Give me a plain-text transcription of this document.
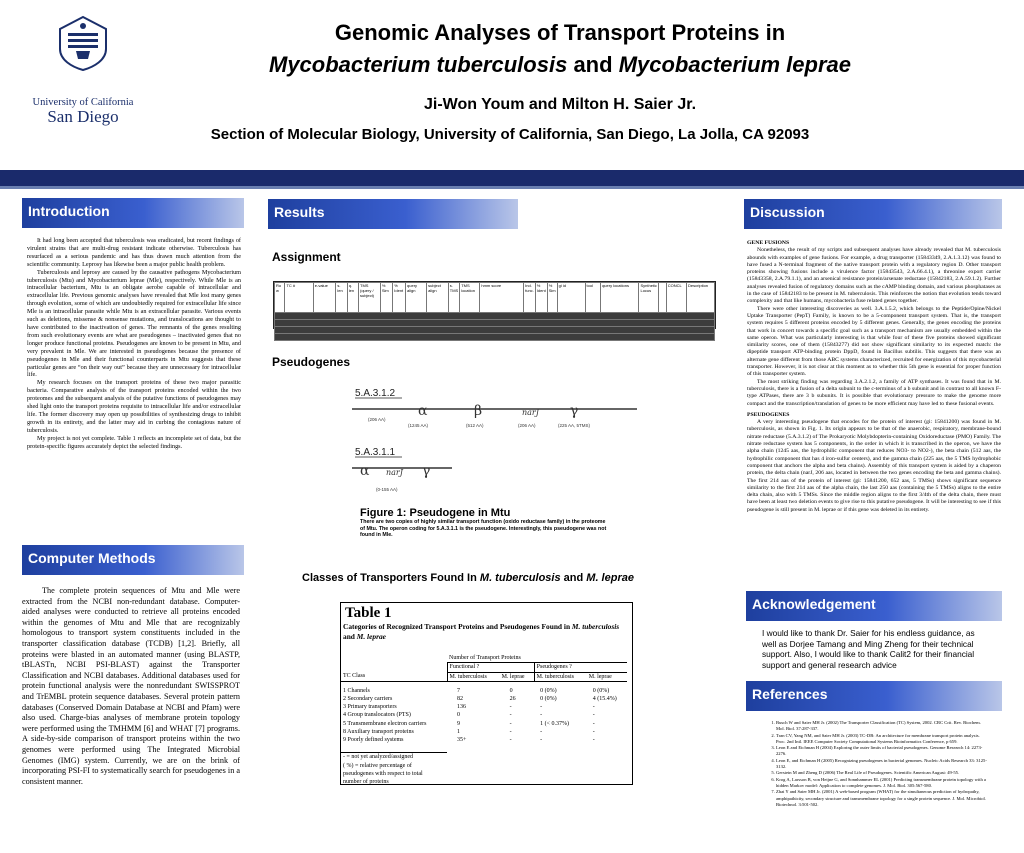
University of California
San Diego
Genomic Analyses of Transport Proteins in
Mycobacterium tuberculosis and Mycobacterium leprae
Ji-Won Youm and Milton H. Saier Jr.
Section of Molecular Biology, University of California, San Diego, La Jolla, CA 92093
Introduction

It had long been accepted that tuberculosis was eradicated, but recent findings of virulent strains that are multi-drug resistant indicate otherwise. Tuberculosis has resurfaced as a serious pandemic and has thus drawn much attention from the scientific community. Leprosy has likewise been a major public health problem.

Tuberculosis and leprosy are caused by the causative pathogens Mycobacterium tuberculosis (Mtu) and Mycobacterium leprae (Mle), respectively. While Mle is an intracellular bacterium, Mtu is an obligate aerobe capable of intracellular and extracellular life. Previous genomic analyses have revealed that Mle lost many genes through evolution, some of which are undoubtedly required for extracellular life since Mle is an intracellular parasite while Mtu is an extracellular parasite. Various events such as deletions, missense & nonsense mutations, and translocations are thought to have contributed to the inactivation of genes. The remnants of the genes resulting from such evolutionary events are what are pseudogenes – inactivated genes that no longer produce functional proteins. Pseudogenes are known to be present in Mtu, and very prevalent in Mle. We are interested in pseudogenes because the presence of pseudogenes in Mle and their functional counterparts in Mtu suggests that these particular genes are “on their way out” because they are unnecessary for intracellular life.

My research focuses on the transport proteins of these two major parasitic bacteria. Comparative analysis of the transport proteins encoded within the two proteomes and the subsequent analysis of the putative functions of pseudogenes may shed light onto the transport proteins requisite to intracellular life and/or extracellular life. The former discovery may open up possibilities of synthesizing drugs to inhibit growth in its entirety, and the latter may aid in curbing the contagious nature of tuberculosis.

My project is not yet complete. Table 1 reflects an incomplete set of data, but the protein-specific figures accurately depict the selected findings.

Computer Methods

The complete protein sequences of Mtu and Mle were extracted from the NCBI non-redundant database. Computer-aided analyses were conducted to retrieve all proteins encoded within the genomes of Mtu and Mle that are recognizably homologous to transport system constituents included in the transporter classification database (TCDB) [1,2]. Briefly, all proteins were blasted in an automated manner (using BLASTP, tBLASTn, NCBI PSI-BLAST) against the Transporter Classification and NCBI databases. Additional databases used for protein functional analysis were the nonredundant SWISSPROT and TrEMBL protein sequence databases. Several protein pattern databases (Conserved Domain Database at NCBI and Pfam) were also used. Charge-bias analyses of membrane protein topology were performed using the TMHMM [6] and WHAT [7] programs. A side-by-side comparison of transport proteins within the two genomes were performed using The Integrated Microbial Genomes (IMG) system. Currently, we are on the brink of incorporating PSI-FI to systematically search for pseudogenes in a consistent manner.

Results
Assignment
Ro w	TC #	e-value	s. len	q. len	TMS (query / subject)	% Sim	% Ident	query align	subject align	s. TMS	TMS location	hmm score	Ind. func.	% Ident	% Sim	gi id	tool	query locations	Synthetic Locus		CONCL	Description

Pseudogenes
5.A.3.1.2
(206 AA)
α
(1245 AA)
β
(512 AA)
narJ
(206 AA)
γ
(225 AA, 5TMS)
5.A.3.1.1
α narJ γ
(0-155 AA)
Figure 1: Pseudogene in Mtu
There are two copies of highly similar transport function (oxido reductase family) in the proteome of Mtu. The operon coding for 5.A.3.1.1 is the pseudogene. Interestingly, this pseudogene was not found in Mle.
Classes of Transporters Found In M. tuberculosis and M. leprae
Table 1
Categories of Recognized Transport Proteins and Pseudogenes Found in M. tuberculosis and M. leprae
	Number of Transport Proteins			
	Functional ?		Pseudogenes ?	
TC Class	M. tuberculosis	M. leprae	M. tuberculosis	M. leprae

1 Channels	7	0	0 (0%)	0 (0%)
2 Secondary carriers	82	26	0 (0%)	4 (15.4%)
3 Primary transporters	136	-	-	-
4 Group translocators (PTS)	0	-	-	-
5 Transmembrane electron carriers	9	-	1 (< 0.37%)	-
8 Auxiliary transport proteins	1	-	-	-
9 Poorly defined systems	35+	-	-	-

- = not yet analyzed/assigned				
( %) = relative percentage of				
pseudogenes with respect to total				
number of proteins				
Discussion

GENE FUSIONS

Nonetheless, the result of my scripts and subsequent analyses have already revealed that M. tuberculosis abounds with examples of gene fusions. For example, a drug transporter (15843349, 2.A.1.3.12) was found to have fused a N-terminal fragment of the native transport protein with a regulatory region D. Other transport proteins showing fusions include a virulence factor (15843543, 2.A.66.4.1), a threonine export carrier (15843358, 2.A.79.1.1), and an arsenical resistance protein/arsenate reductase (15842183, 2.A.59.1.2). Further analyses revealed fusion of regulatory domains such as the cAMP binding domain, and various phosphatases as in the case of 15842183 to be present in M. tuberculosis. This reinforces the notion that evolution tends toward complexity and that like humans, mycobacteria fuse related genes together.

There were other interesting discoveries as well. 3.A.1.5.2, which belongs to the Peptide/Opine/Nickel Uptake Transporter (PepT) Family, is known to be a 5-component transport system. That is, the transport system requires 5 different proteins encoded by 5 different genes. Generally, the genes encoding the proteins that work in concert towards a specific goal such as a transport mechanism are usually embedded within the same operon. What was particularly interesting is that while four of these five proteins showed significant similarity scores, one of them (15843277) did not show significant similarity to its expected match: the dipeptide transport ATP-binding protein DppD, found in Bacillus subtilis. This suggests that there was an alternate gene different from those ABC systems characterized, recruited for energization of this mycobacterial transporter. However, it is not clear at this moment as to whether this 5th gene is essential for proper function of this transporter system.

The most striking finding was regarding 3.A.2.1.2, a family of ATP synthases. It was found that in M. tuberculosis, there is a fusion of a delta subunit to the c-terminus of a b subunit and in contrast to all known F-type ATPases, there are 3 b subunits. It is possible that evolutionary pressure to make the genome more compact and the transcription/translation of genes to be more efficient may have led to these fusional events.

PSEUDOGENES

A very interesting pseudogene that encodes for the protein of interest (gi: 15841200) was found in M. tuberculosis, as shown in Fig. 1. Its origin appears to be that of the anaerobic, respiratory, membrane-bound nitrate reductase (5.A.3.1.2) of The Prokaryotic Molybdopterin-containing Oxidoreductase (PMO) Family. The nitrate reductase system has 5 components, in the order in which it is transcribed in the operon, we have the alpha chain (1245 aas, the hydrophilic component that reduces NO3- to NO2-), the beta chain (512 aas, the hydrophilic component that has 4 iron-sulfur centers), and the gamma chain (225 aas, the 5 TMS hydrophobic component that anchors the alpha and beta chains). Assembly of this transport system is aided by a chaperon protein, the delta chain (narJ, 206 aas, located in between the two genes encoding the beta and gamma chains). The first 214 aas of the protein of interest (gi: 15841200, 652 aas, 5 TMSs) shows significant sequence similarity to the first 214 aas of the alpha chain, the last 250 aas (containing the 5 TMSs) aligns to the entire delta chain, also with 5 TMSs. Since the middle region aligns to the first 3/4th of the delta chain, there must have been at least two deletion events to give rise to this putative pseudogene. It will be interesting to see if this pseudogene is still present in M. leprae or if this gene was deleted in its entirety.

Acknowledgement
I would like to thank Dr. Saier for his endless guidance, as well as Dorjee Tamang and Ming Zheng for their technical support. Also, I would like to thank Calit2 for their financial support and general research advice
References
1. Busch W and Saier MH Jr. (2002) The Transporter Classification (TC) System, 2002. CRC Crit. Rev. Biochem. Mol. Biol. 37:287-337.
2. Tran CV, Yang NM, and Saier MH Jr. (2003) TC-DB: An architecture for membrane transport protein analysis. Proc. 2nd Intl. IEEE Computer Society Computational Systems Bioinformatics Conference, p 659.
3. Leon E and Eichman H (2004) Exploring the outer limits of bacterial pseudogenes. Genome Research 14: 2273-2276.
4. Leon E, and Eichman H (2005) Recognizing pseudogenes in bacterial genomes. Nucleic Acids Research 33: 3125-3132.
5. Gerstein M and Zheng D (2006) The Real Life of Pseudogenes. Scientific American August: 49-55.
6. Krog A, Larsson B, von Heijne G, and Sonnhammer EL (2001) Predicting transmembrane protein topology with a hidden Markov model: Application to complete genomes. J. Mol. Biol. 305:567-580.
7. Zhai Y and Saier MH Jr. (2001) A web-based program (WHAT) for the simultaneous prediction of hydropathy, amphipathicity, secondary structure and transmembrane topology for a single protein sequence. J. Mol. Microbiol. Biotechnol. 3:501-502.
